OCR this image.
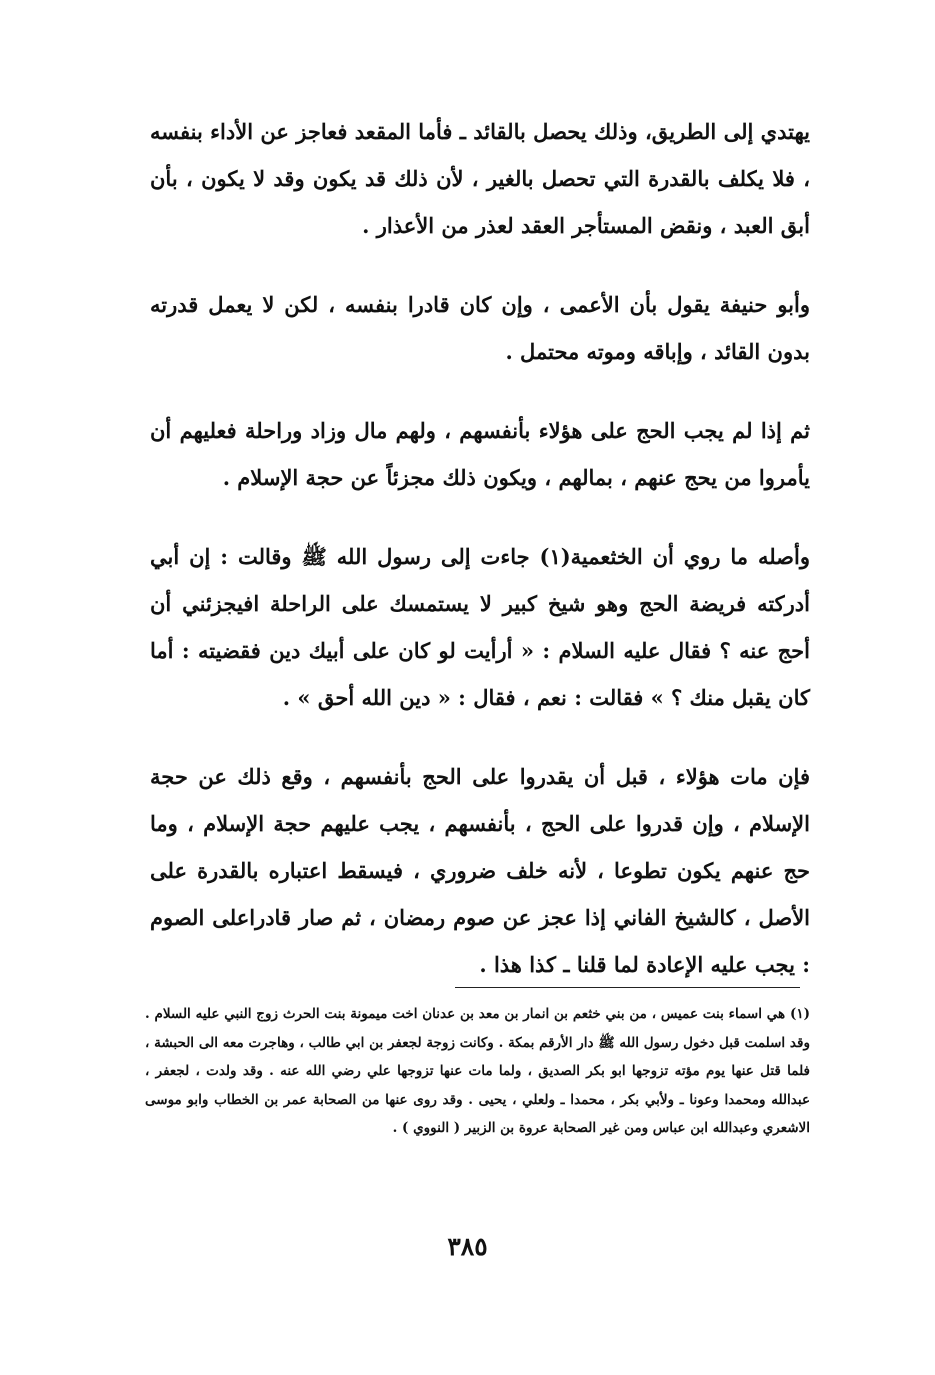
يهتدي إلى الطريق، وذلك يحصل بالقائد ـ فأما المقعد فعاجز عن الأداء بنفسه ، فلا يكلف بالقدرة التي تحصل بالغير ، لأن ذلك قد يكون وقد لا يكون ، بأن أبق العبد ، ونقض المستأجر العقد لعذر من الأعذار .

وأبو حنيفة يقول بأن الأعمى ، وإن كان قادرا بنفسه ، لكن لا يعمل قدرته بدون القائد ، وإباقه وموته محتمل .

ثم إذا لم يجب الحج على هؤلاء بأنفسهم ، ولهم مال وزاد وراحلة فعليهم أن يأمروا من يحج عنهم ، بمالهم ، ويكون ذلك مجزئاً عن حجة الإسلام .

وأصله ما روي أن الخثعمية(١) جاءت إلى رسول الله ﷺ وقالت : إن أبي أدركته فريضة الحج وهو شيخ كبير لا يستمسك على الراحلة افيجزئني أن أحج عنه ؟ فقال عليه السلام : « أرأيت لو كان على أبيك دين فقضيته : أما كان يقبل منك ؟ » فقالت : نعم ، فقال : « دين الله أحق » .

فإن مات هؤلاء ، قبل أن يقدروا على الحج بأنفسهم ، وقع ذلك عن حجة الإسلام ، وإن قدروا على الحج ، بأنفسهم ، يجب عليهم حجة الإسلام ، وما حج عنهم يكون تطوعا ، لأنه خلف ضروري ، فيسقط اعتباره بالقدرة على الأصل ، كالشيخ الفاني إذا عجز عن صوم رمضان ، ثم صار قادراعلى الصوم : يجب عليه الإعادة لما قلنا ـ كذا هذا .

(١) هي اسماء بنت عميس ، من بني خثعم بن انمار بن معد بن عدنان اخت ميمونة بنت الحرث زوج النبي عليه السلام . وقد اسلمت قبل دخول رسول الله ﷺ دار الأرقم بمكة . وكانت زوجة لجعفر بن ابي طالب ، وهاجرت معه الى الحبشة ، فلما قتل عنها يوم مؤته تزوجها ابو بكر الصديق ، ولما مات عنها تزوجها علي رضي الله عنه . وقد ولدت ، لجعفر ، عبدالله ومحمدا وعونا ـ ولأبي بكر ، محمدا ـ ولعلي ، يحيى . وقد روى عنها من الصحابة عمر بن الخطاب وابو موسى الاشعري وعبدالله ابن عباس ومن غير الصحابة عروة بن الزبير ( النووي ) .

٣٨٥
